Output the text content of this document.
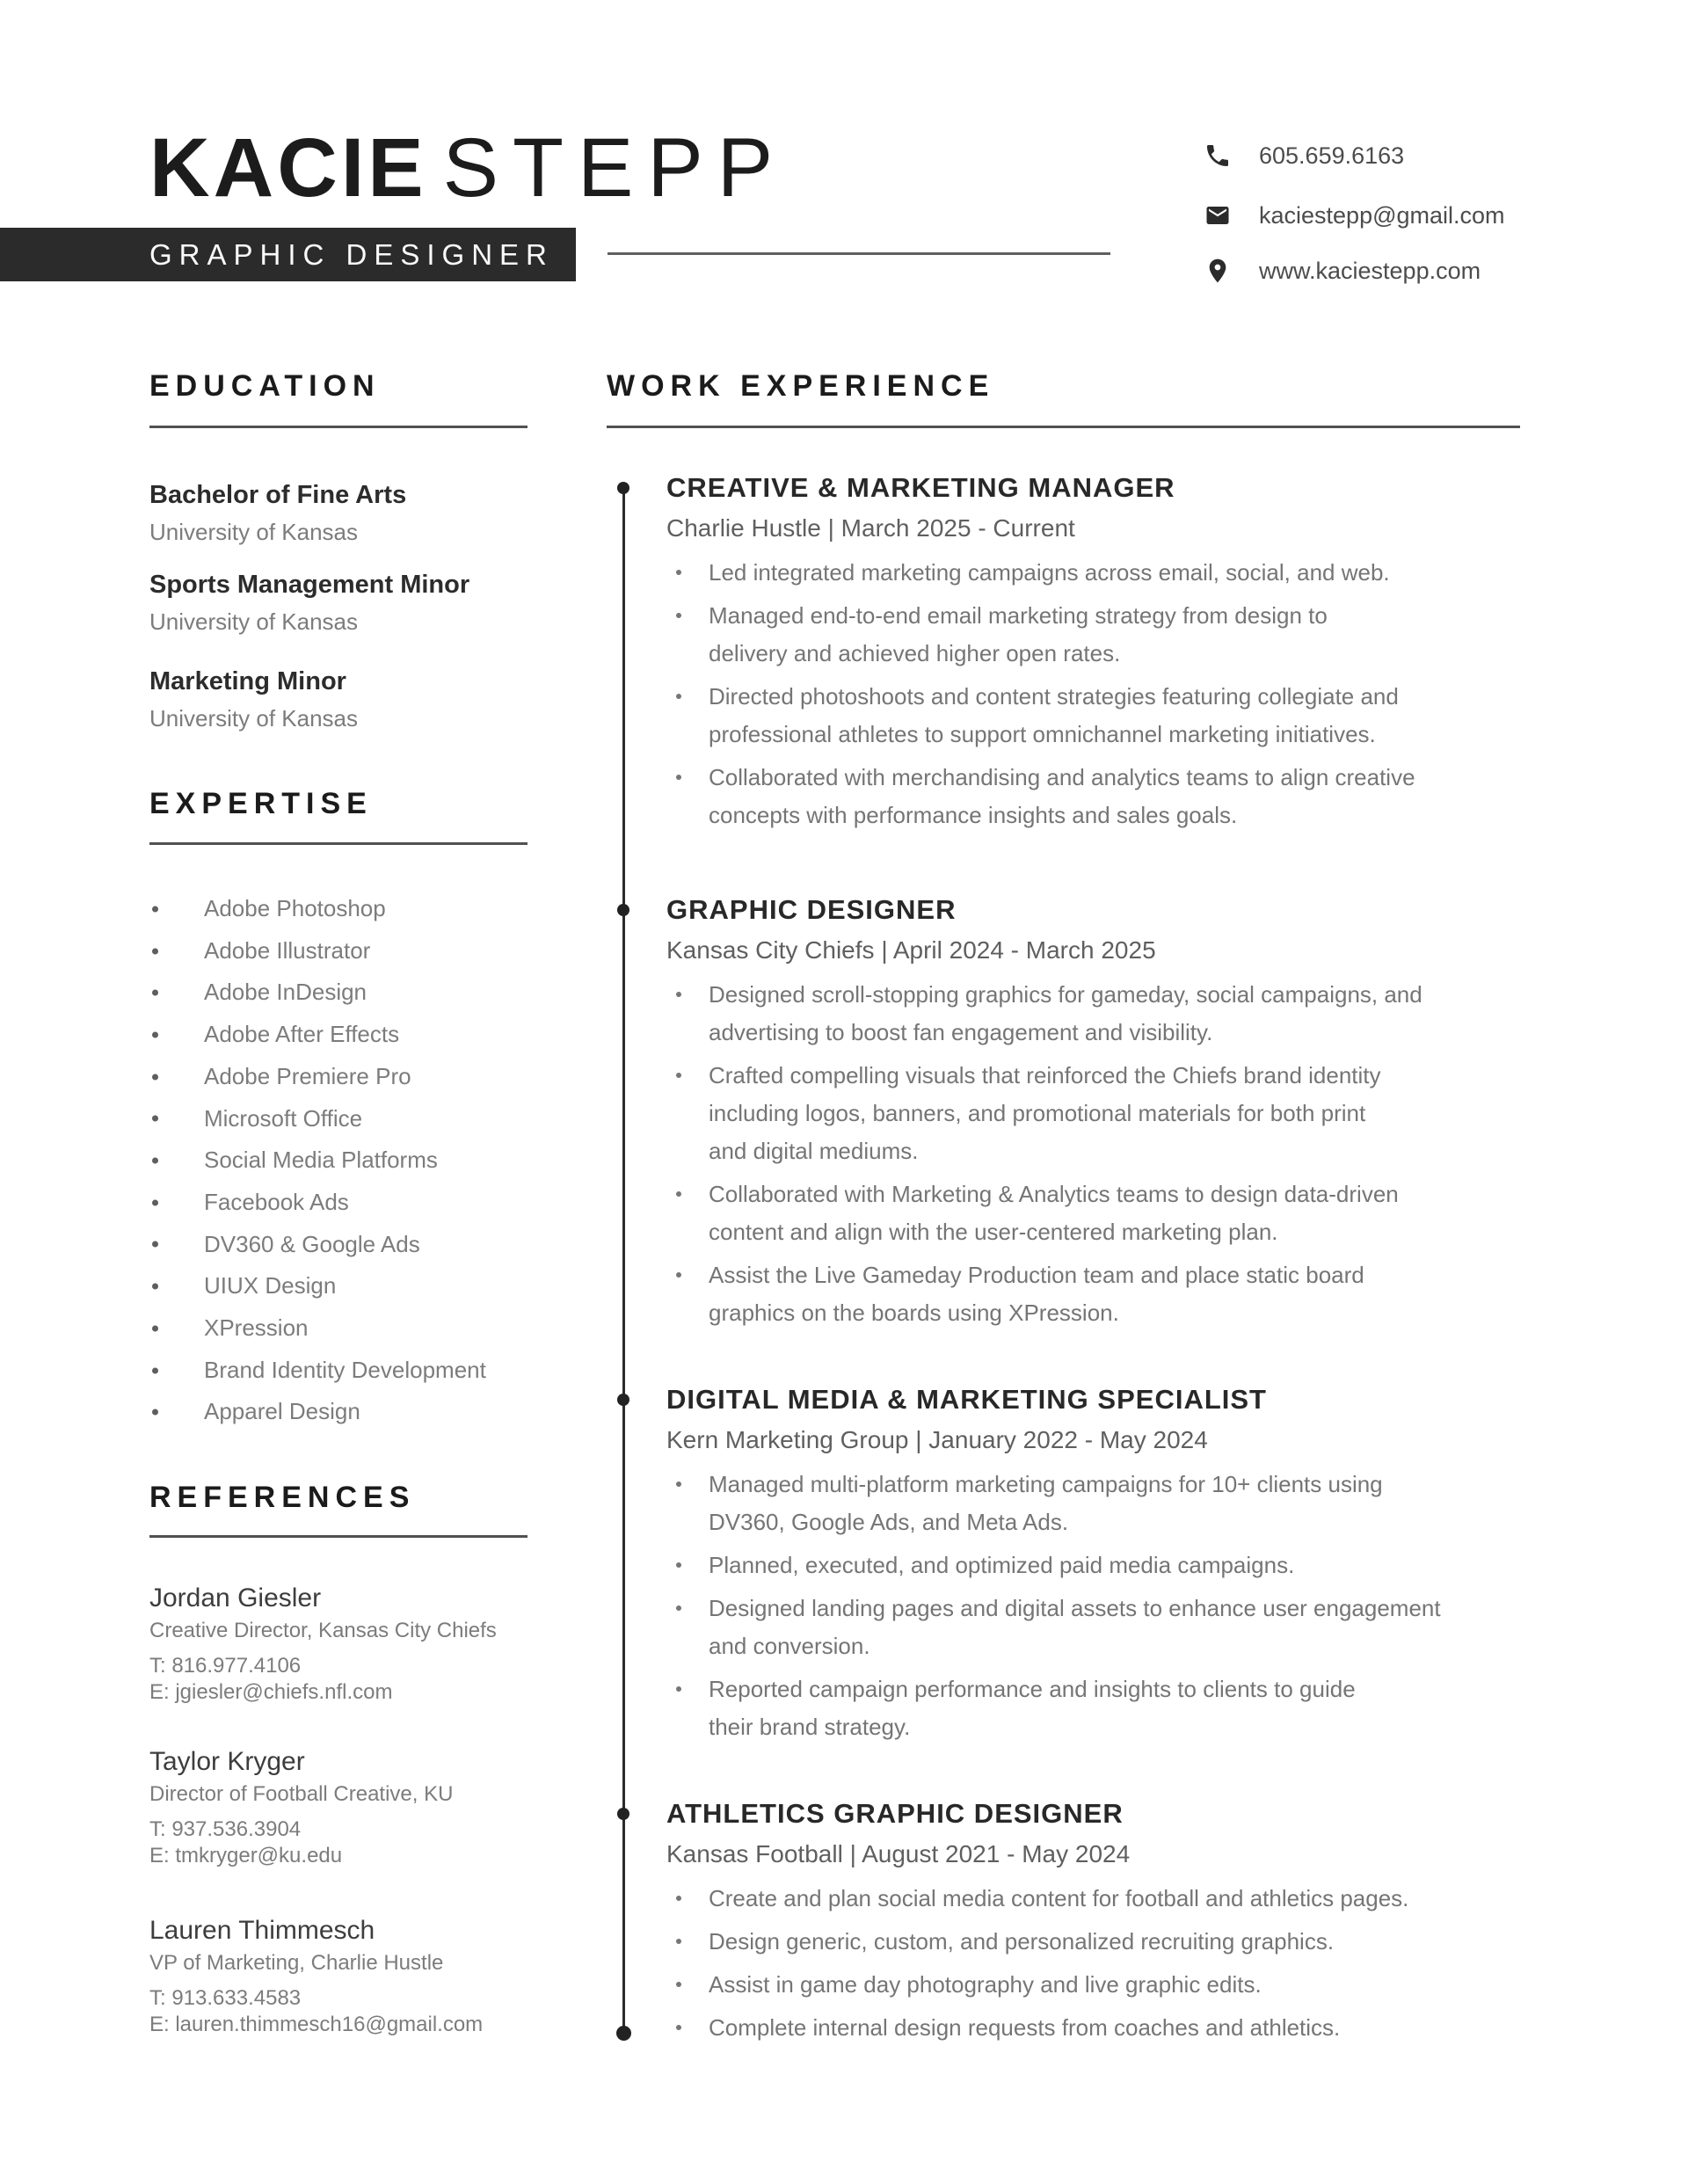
KACIE STEPP
GRAPHIC DESIGNER
605.659.6163
kaciestepp@gmail.com
www.kaciestepp.com
EDUCATION
Bachelor of Fine Arts
University of Kansas
Sports Management Minor
University of Kansas
Marketing Minor
University of Kansas
EXPERTISE
Adobe Photoshop
Adobe Illustrator
Adobe InDesign
Adobe After Effects
Adobe Premiere Pro
Microsoft Office
Social Media Platforms
Facebook Ads
DV360 & Google Ads
UIUX Design
XPression
Brand Identity Development
Apparel Design
REFERENCES
Jordan Giesler
Creative Director, Kansas City Chiefs
T: 816.977.4106
E: jgiesler@chiefs.nfl.com
Taylor Kryger
Director of Football Creative, KU
T: 937.536.3904
E: tmkryger@ku.edu
Lauren Thimmesch
VP of Marketing, Charlie Hustle
T: 913.633.4583
E: lauren.thimmesch16@gmail.com
WORK EXPERIENCE
CREATIVE & MARKETING MANAGER
Charlie Hustle | March 2025 - Current
Led integrated marketing campaigns across email, social, and web.
Managed end-to-end email marketing strategy from design to
delivery and achieved higher open rates.
Directed photoshoots and content strategies featuring collegiate and
professional athletes to support omnichannel marketing initiatives.
Collaborated with merchandising and analytics teams to align creative
concepts with performance insights and sales goals.
GRAPHIC DESIGNER
Kansas City Chiefs | April 2024 - March 2025
Designed scroll-stopping graphics for gameday, social campaigns, and
advertising to boost fan engagement and visibility.
Crafted compelling visuals that reinforced the Chiefs brand identity
including logos, banners, and promotional materials for both print
and digital mediums.
Collaborated with Marketing & Analytics teams to design data-driven
content and align with the user-centered marketing plan.
Assist the Live Gameday Production team and place static board
graphics on the boards using XPression.
DIGITAL MEDIA & MARKETING SPECIALIST
Kern Marketing Group | January 2022 - May 2024
Managed multi-platform marketing campaigns for 10+ clients using
DV360, Google Ads, and Meta Ads.
Planned, executed, and optimized paid media campaigns.
Designed landing pages and digital assets to enhance user engagement
and conversion.
Reported campaign performance and insights to clients to guide
their brand strategy.
ATHLETICS GRAPHIC DESIGNER
Kansas Football | August 2021 - May 2024
Create and plan social media content for football and athletics pages.
Design generic, custom, and personalized recruiting graphics.
Assist in game day photography and live graphic edits.
Complete internal design requests from coaches and athletics.
